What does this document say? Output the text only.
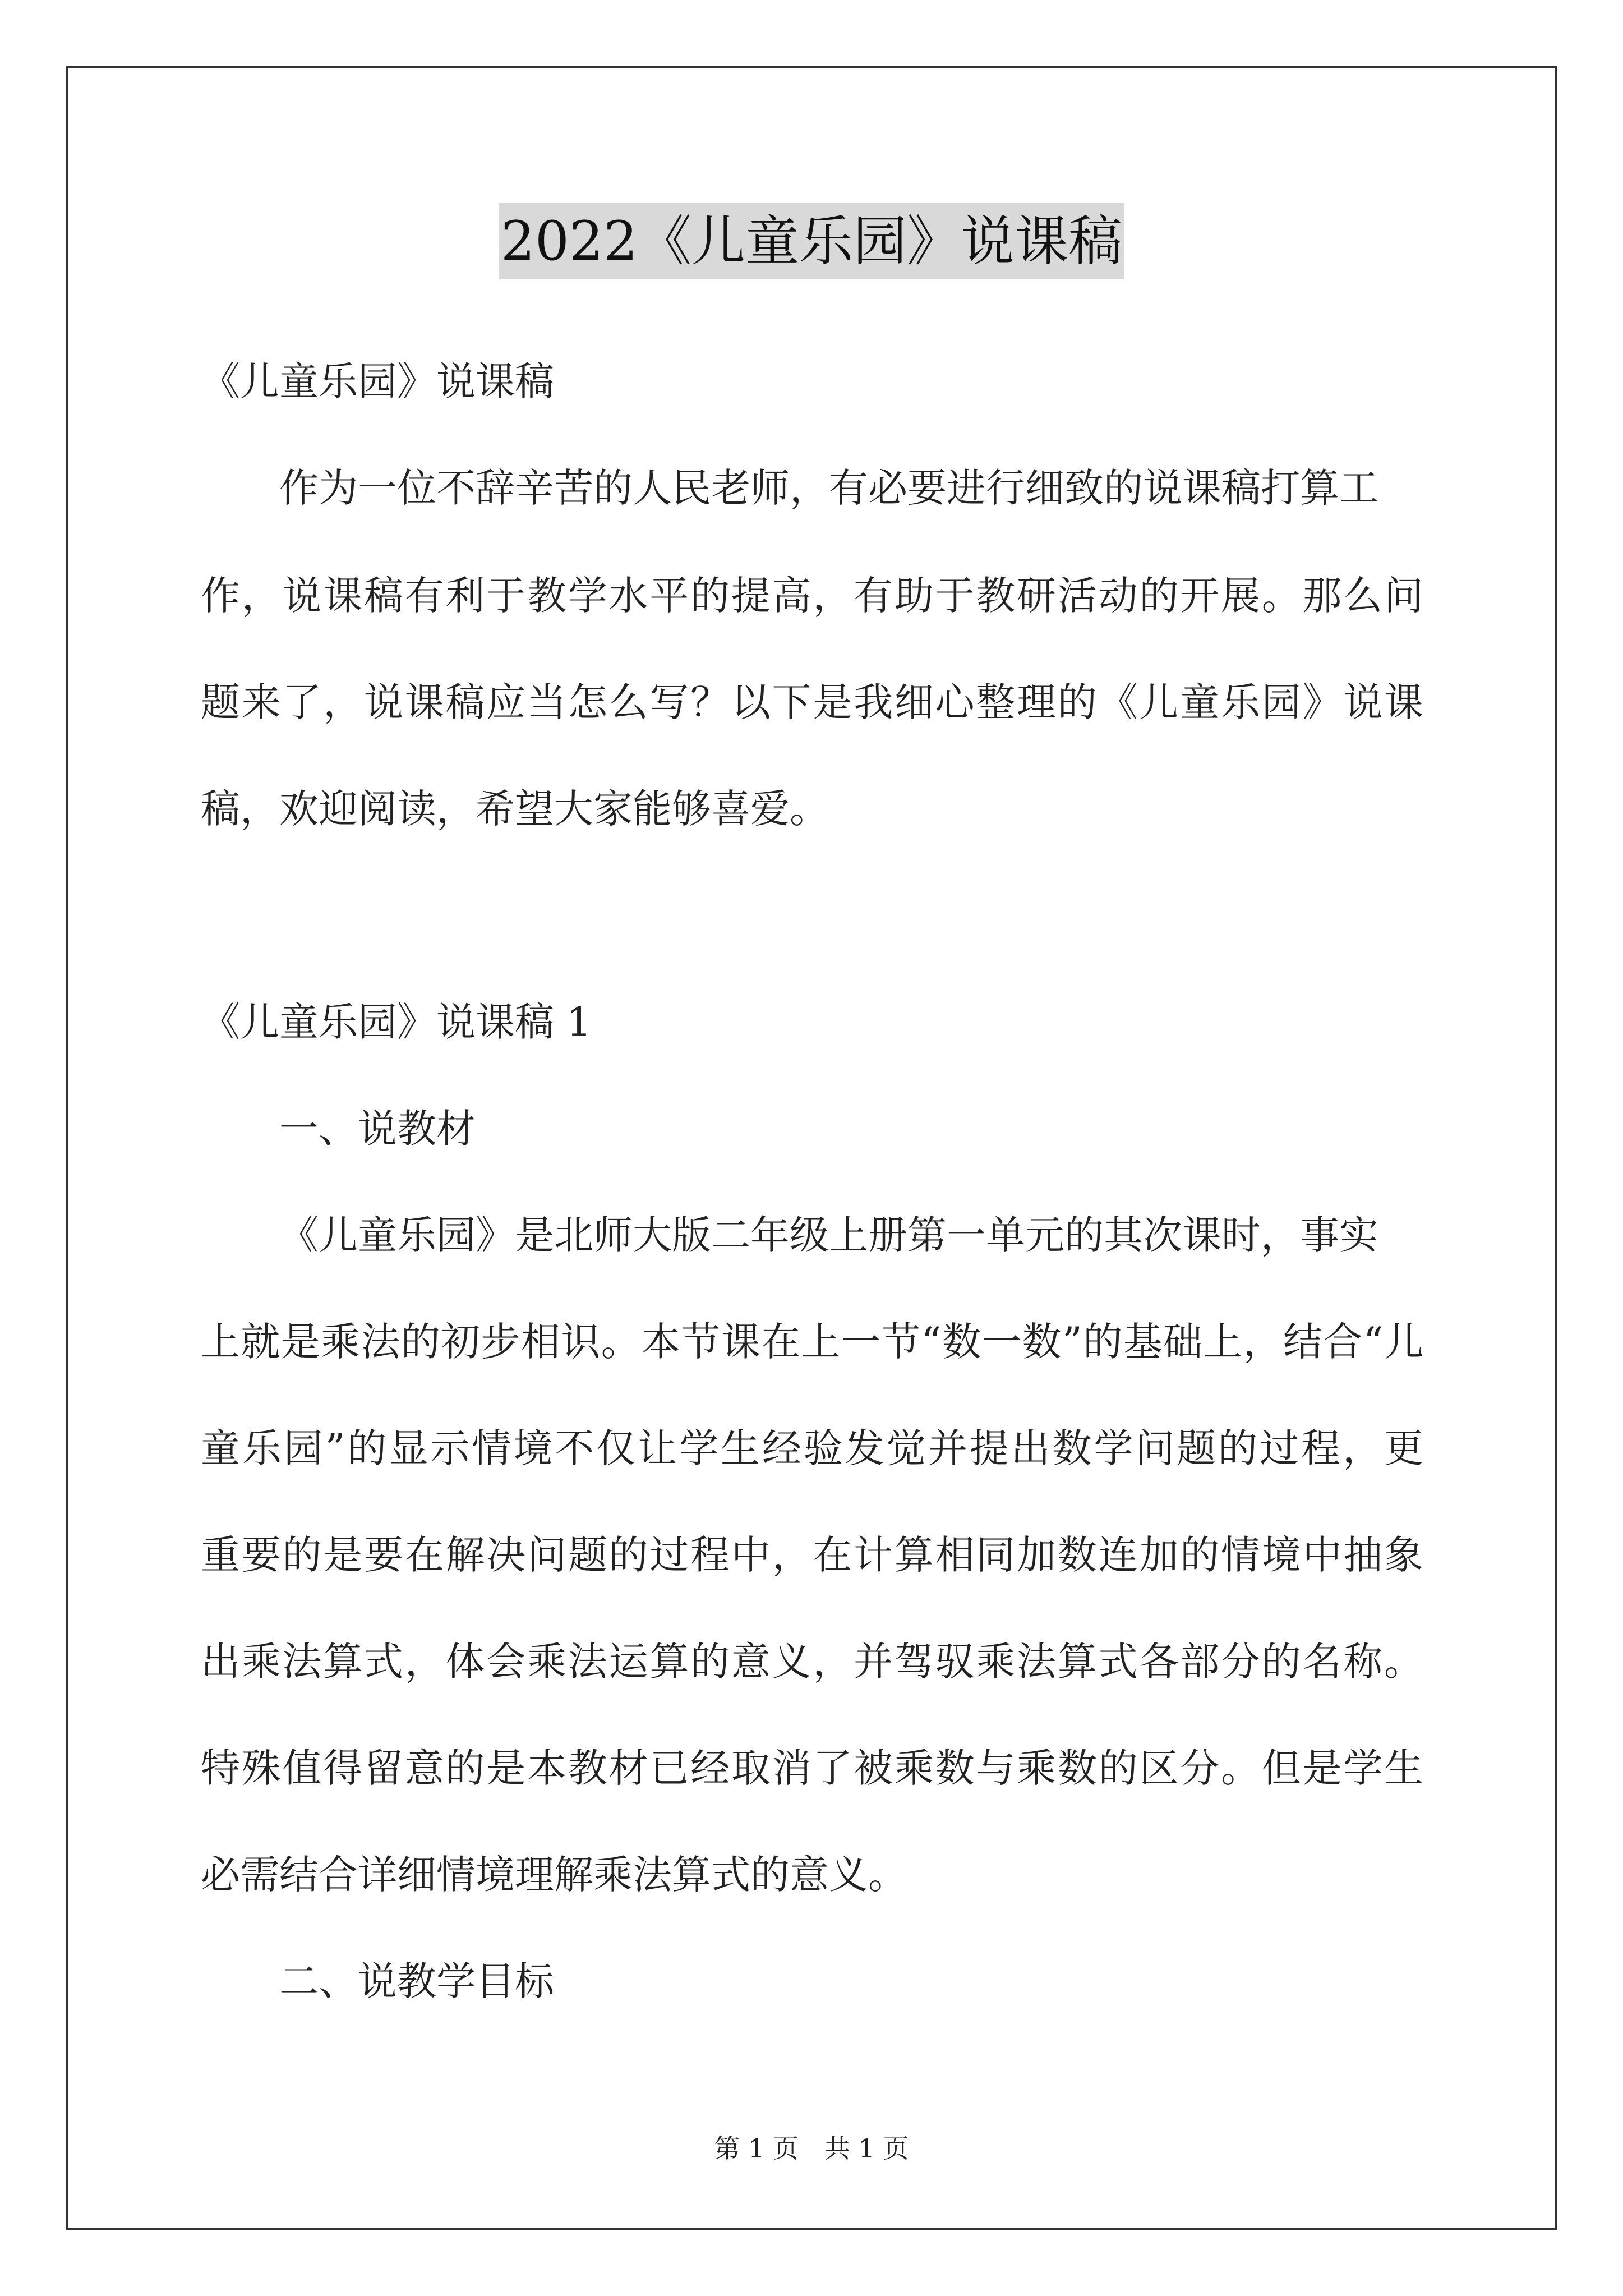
2022《儿童乐园》说课稿
《儿童乐园》说课稿
作为一位不辞辛苦的人民老师，有必要进行细致的说课稿打算工
作，说课稿有利于教学水平的提高，有助于教研活动的开展。那么问
题来了，说课稿应当怎么写？以下是我细心整理的《儿童乐园》说课
稿，欢迎阅读，希望大家能够喜爱。
《儿童乐园》说课稿 1
一、说教材
《儿童乐园》是北师大版二年级上册第一单元的其次课时，事实
上就是乘法的初步相识。本节课在上一节“数一数”的基础上，结合“儿
童乐园”的显示情境不仅让学生经验发觉并提出数学问题的过程，更
重要的是要在解决问题的过程中，在计算相同加数连加的情境中抽象
出乘法算式，体会乘法运算的意义，并驾驭乘法算式各部分的名称。
特殊值得留意的是本教材已经取消了被乘数与乘数的区分。但是学生
必需结合详细情境理解乘法算式的意义。
二、说教学目标
第 1 页　共 1 页
